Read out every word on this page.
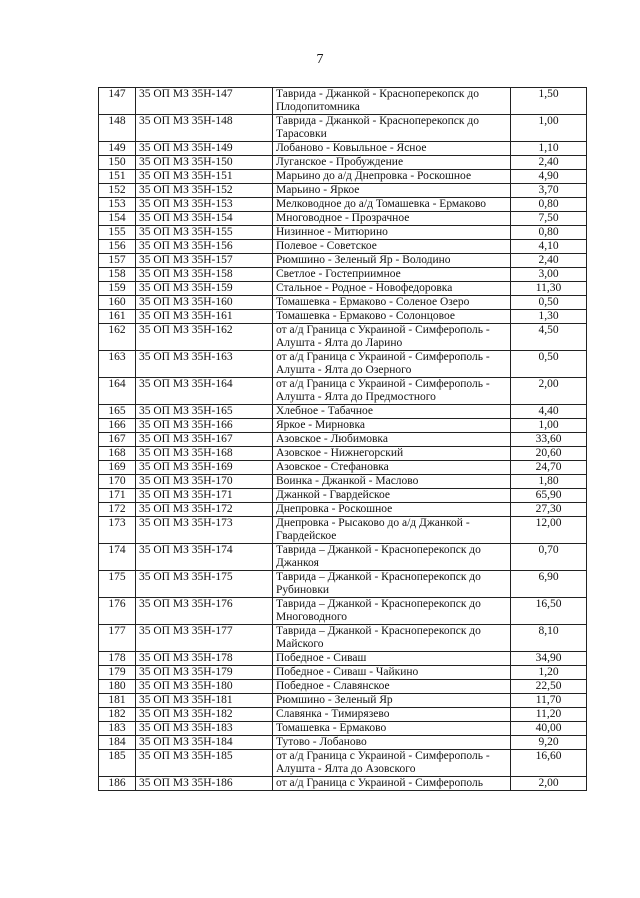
7
147	35 ОП МЗ 35Н-147	Таврида - Джанкой - Красноперекопск до Плодопитомника	1,50
148	35 ОП МЗ 35Н-148	Таврида - Джанкой - Красноперекопск до Тарасовки	1,00
149	35 ОП МЗ 35Н-149	Лобаново - Ковыльное - Ясное	1,10
150	35 ОП МЗ 35Н-150	Луганское - Пробуждение	2,40
151	35 ОП МЗ 35Н-151	Марьино до а/д Днепровка - Роскошное	4,90
152	35 ОП МЗ 35Н-152	Марьино - Яркое	3,70
153	35 ОП МЗ 35Н-153	Мелководное до а/д Томашевка - Ермаково	0,80
154	35 ОП МЗ 35Н-154	Многоводное - Прозрачное	7,50
155	35 ОП МЗ 35Н-155	Низинное - Митюрино	0,80
156	35 ОП МЗ 35Н-156	Полевое - Советское	4,10
157	35 ОП МЗ 35Н-157	Рюмшино - Зеленый Яр - Володино	2,40
158	35 ОП МЗ 35Н-158	Светлое - Гостеприимное	3,00
159	35 ОП МЗ 35Н-159	Стальное - Родное - Новофедоровка	11,30
160	35 ОП МЗ 35Н-160	Томашевка - Ермаково - Соленое Озеро	0,50
161	35 ОП МЗ 35Н-161	Томашевка - Ермаково - Солонцовое	1,30
162	35 ОП МЗ 35Н-162	от а/д Граница с Украиной - Симферополь - Алушта - Ялта до Ларино	4,50
163	35 ОП МЗ 35Н-163	от а/д Граница с Украиной - Симферополь - Алушта - Ялта до Озерного	0,50
164	35 ОП МЗ 35Н-164	от а/д Граница с Украиной - Симферополь - Алушта - Ялта до Предмостного	2,00
165	35 ОП МЗ 35Н-165	Хлебное - Табачное	4,40
166	35 ОП МЗ 35Н-166	Яркое - Мирновка	1,00
167	35 ОП МЗ 35Н-167	Азовское - Любимовка	33,60
168	35 ОП МЗ 35Н-168	Азовское - Нижнегорский	20,60
169	35 ОП МЗ 35Н-169	Азовское - Стефановка	24,70
170	35 ОП МЗ 35Н-170	Воинка - Джанкой - Маслово	1,80
171	35 ОП МЗ 35Н-171	Джанкой - Гвардейское	65,90
172	35 ОП МЗ 35Н-172	Днепровка - Роскошное	27,30
173	35 ОП МЗ 35Н-173	Днепровка - Рысаково до а/д Джанкой - Гвардейское	12,00
174	35 ОП МЗ 35Н-174	Таврида – Джанкой - Красноперекопск до Джанкоя	0,70
175	35 ОП МЗ 35Н-175	Таврида – Джанкой - Красноперекопск до Рубиновки	6,90
176	35 ОП МЗ 35Н-176	Таврида – Джанкой - Красноперекопск до Многоводного	16,50
177	35 ОП МЗ 35Н-177	Таврида – Джанкой - Красноперекопск до Майского	8,10
178	35 ОП МЗ 35Н-178	Победное - Сиваш	34,90
179	35 ОП МЗ 35Н-179	Победное - Сиваш - Чайкино	1,20
180	35 ОП МЗ 35Н-180	Победное - Славянское	22,50
181	35 ОП МЗ 35Н-181	Рюмшино - Зеленый Яр	11,70
182	35 ОП МЗ 35Н-182	Славянка - Тимирязево	11,20
183	35 ОП МЗ 35Н-183	Томашевка - Ермаково	40,00
184	35 ОП МЗ 35Н-184	Тутово - Лобаново	9,20
185	35 ОП МЗ 35Н-185	от а/д Граница с Украиной - Симферополь - Алушта - Ялта до Азовского	16,60
186	35 ОП МЗ 35Н-186	от а/д Граница с Украиной - Симферополь	2,00
